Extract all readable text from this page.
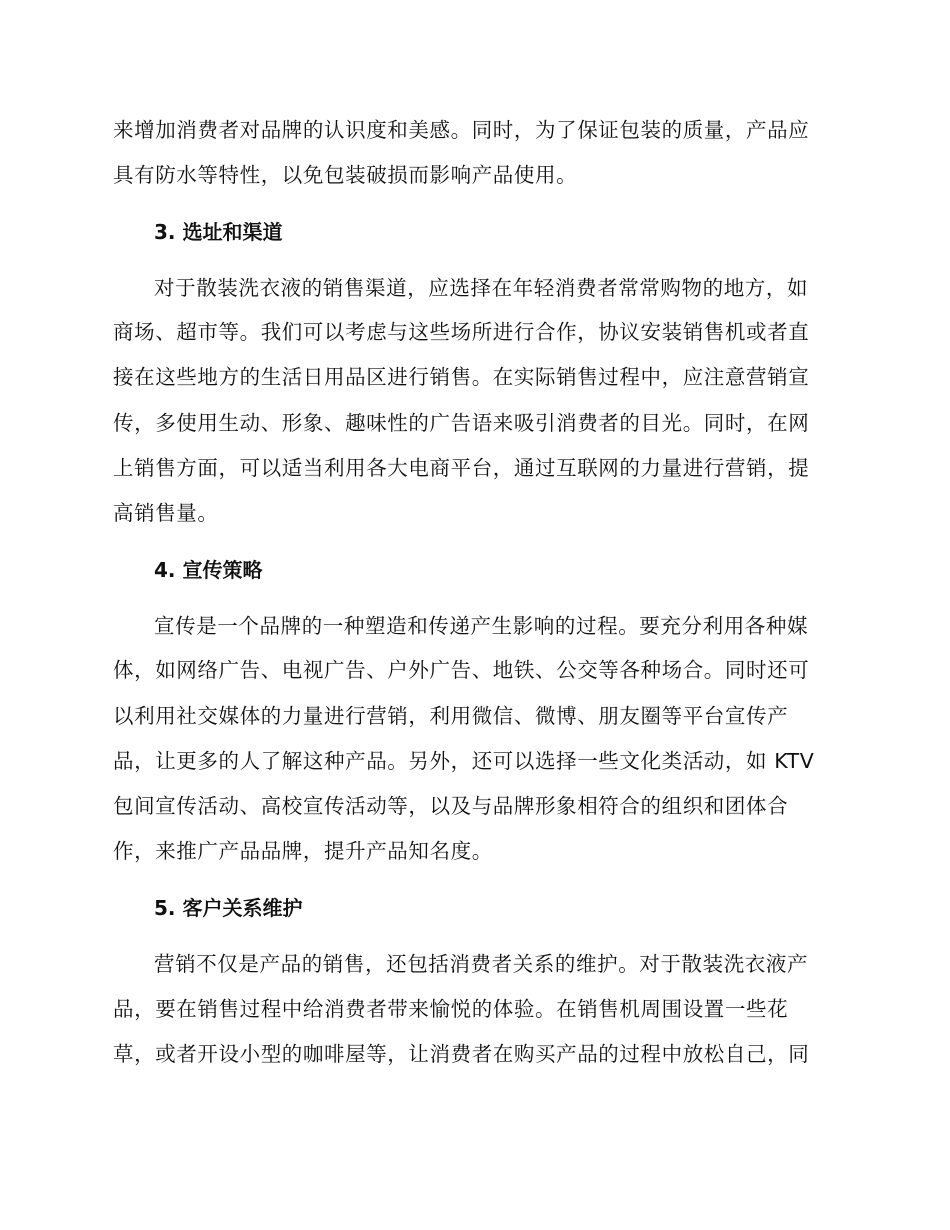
来增加消费者对品牌的认识度和美感。同时，为了保证包装的质量，产品应
具有防水等特性，以免包装破损而影响产品使用。
3. 选址和渠道
对于散装洗衣液的销售渠道，应选择在年轻消费者常常购物的地方，如
商场、超市等。我们可以考虑与这些场所进行合作，协议安装销售机或者直
接在这些地方的生活日用品区进行销售。在实际销售过程中，应注意营销宣
传，多使用生动、形象、趣味性的广告语来吸引消费者的目光。同时，在网
上销售方面，可以适当利用各大电商平台，通过互联网的力量进行营销，提
高销售量。
4. 宣传策略
宣传是一个品牌的一种塑造和传递产生影响的过程。要充分利用各种媒
体，如网络广告、电视广告、户外广告、地铁、公交等各种场合。同时还可
以利用社交媒体的力量进行营销，利用微信、微博、朋友圈等平台宣传产
品，让更多的人了解这种产品。另外，还可以选择一些文化类活动，如 KTV
包间宣传活动、高校宣传活动等，以及与品牌形象相符合的组织和团体合
作，来推广产品品牌，提升产品知名度。
5. 客户关系维护
营销不仅是产品的销售，还包括消费者关系的维护。对于散装洗衣液产
品，要在销售过程中给消费者带来愉悦的体验。在销售机周围设置一些花
草，或者开设小型的咖啡屋等，让消费者在购买产品的过程中放松自己，同
